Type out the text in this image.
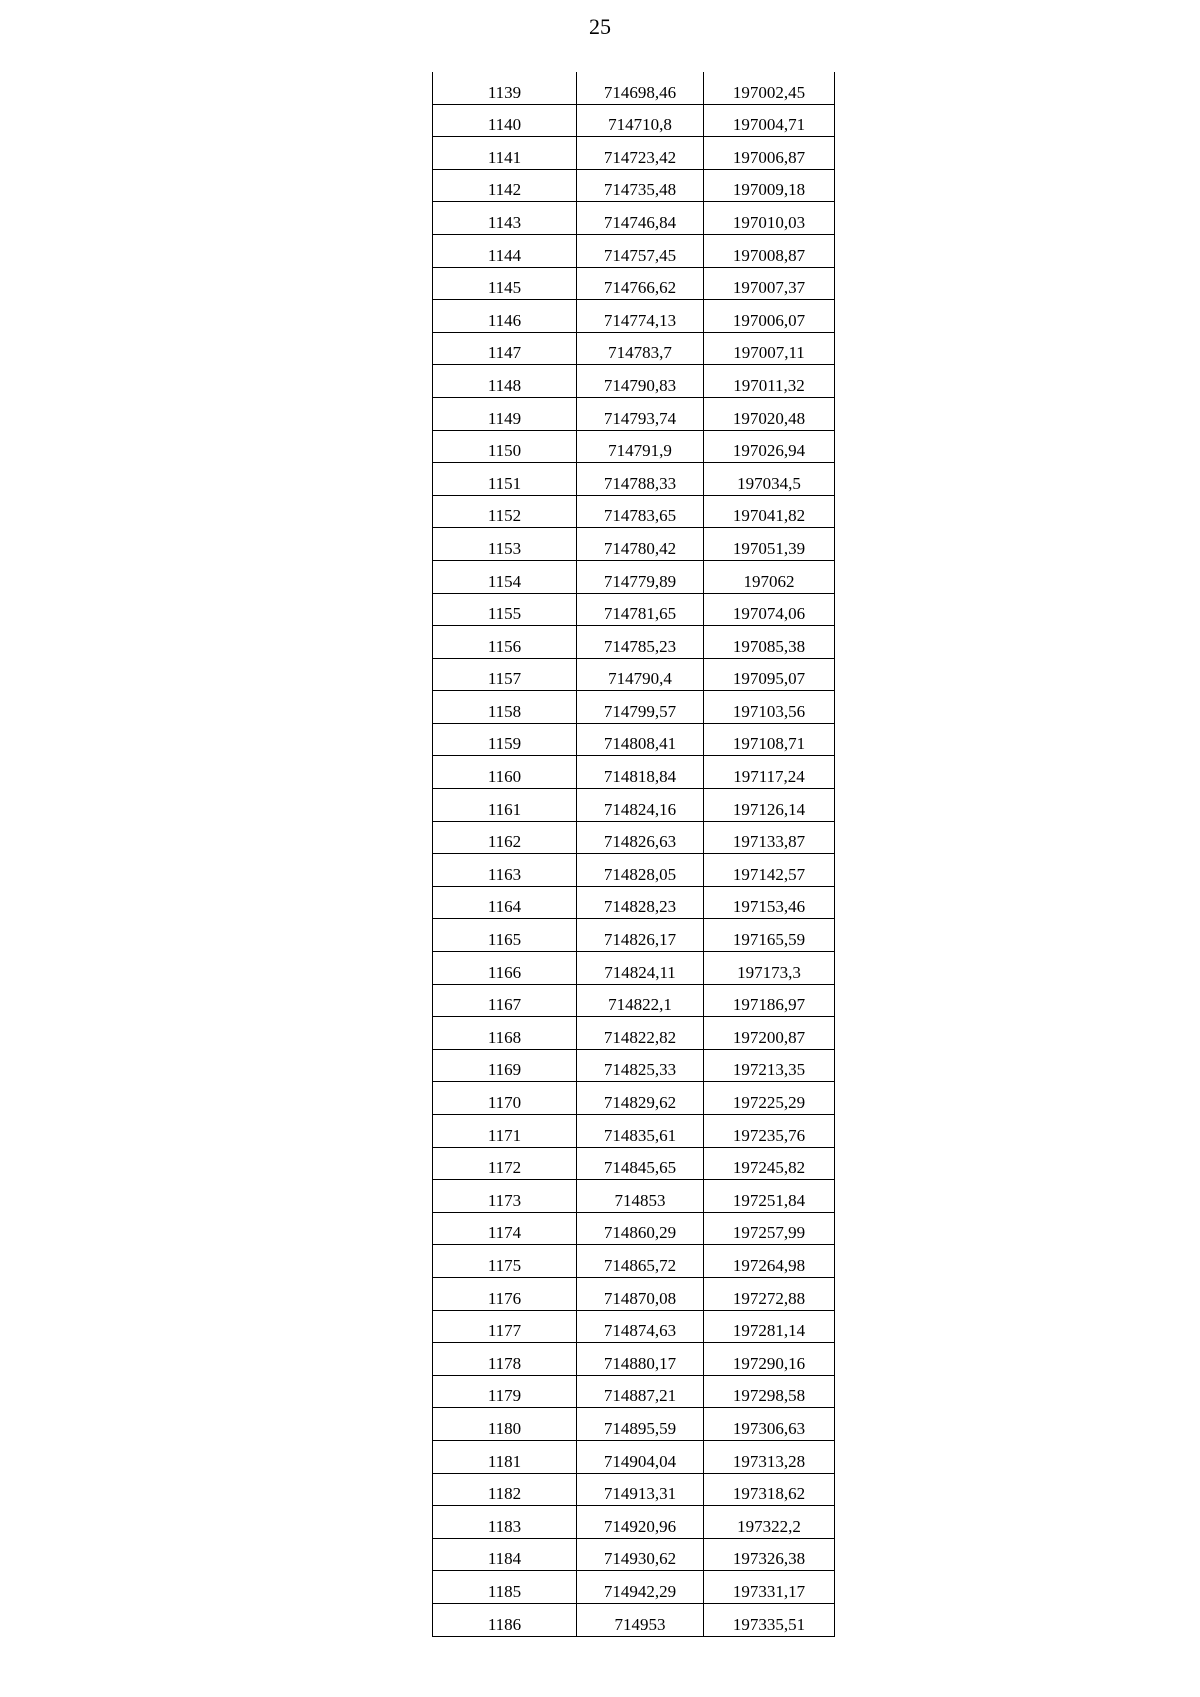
25
1139	714698,46	197002,45
1140	714710,8	197004,71
1141	714723,42	197006,87
1142	714735,48	197009,18
1143	714746,84	197010,03
1144	714757,45	197008,87
1145	714766,62	197007,37
1146	714774,13	197006,07
1147	714783,7	197007,11
1148	714790,83	197011,32
1149	714793,74	197020,48
1150	714791,9	197026,94
1151	714788,33	197034,5
1152	714783,65	197041,82
1153	714780,42	197051,39
1154	714779,89	197062
1155	714781,65	197074,06
1156	714785,23	197085,38
1157	714790,4	197095,07
1158	714799,57	197103,56
1159	714808,41	197108,71
1160	714818,84	197117,24
1161	714824,16	197126,14
1162	714826,63	197133,87
1163	714828,05	197142,57
1164	714828,23	197153,46
1165	714826,17	197165,59
1166	714824,11	197173,3
1167	714822,1	197186,97
1168	714822,82	197200,87
1169	714825,33	197213,35
1170	714829,62	197225,29
1171	714835,61	197235,76
1172	714845,65	197245,82
1173	714853	197251,84
1174	714860,29	197257,99
1175	714865,72	197264,98
1176	714870,08	197272,88
1177	714874,63	197281,14
1178	714880,17	197290,16
1179	714887,21	197298,58
1180	714895,59	197306,63
1181	714904,04	197313,28
1182	714913,31	197318,62
1183	714920,96	197322,2
1184	714930,62	197326,38
1185	714942,29	197331,17
1186	714953	197335,51
